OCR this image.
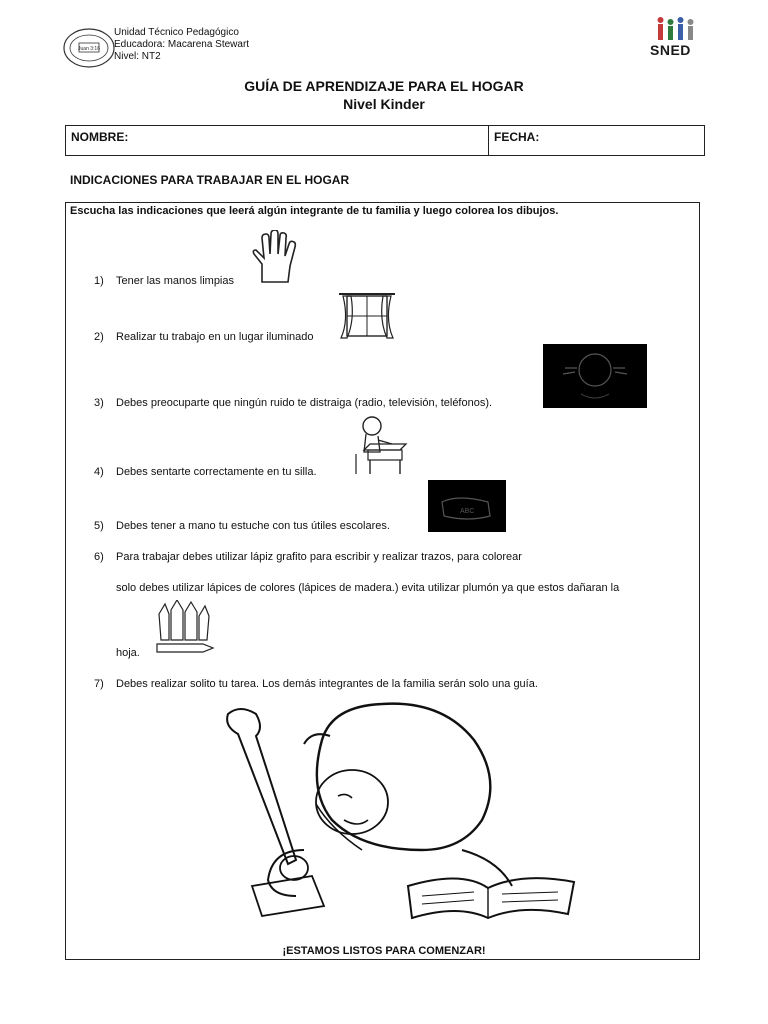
Juan 3:16
Unidad Técnico Pedagógico
Educadora: Macarena Stewart
Nivel: NT2	SNED
GUÍA DE APRENDIZAJE PARA EL HOGAR
Nivel Kinder
NOMBRE:	FECHA:
INDICACIONES PARA TRABAJAR EN EL HOGAR
Escucha las indicaciones que leerá algún integrante de tu familia y luego colorea los dibujos.
1) Tener las manos limpias
2) Realizar tu trabajo en un lugar iluminado
3) Debes preocuparte que ningún ruido te distraiga (radio, televisión, teléfonos).
4) Debes sentarte correctamente en tu silla.
5) Debes tener a mano tu estuche con tus útiles escolares.
ABC
6) Para trabajar debes utilizar lápiz grafito para escribir y realizar trazos, para colorear
solo debes utilizar lápices de colores (lápices de madera.) evita utilizar plumón ya que estos dañaran la
hoja.
7) Debes realizar solito tu tarea. Los demás integrantes de la familia serán solo una guía.
¡ESTAMOS LISTOS PARA COMENZAR!
